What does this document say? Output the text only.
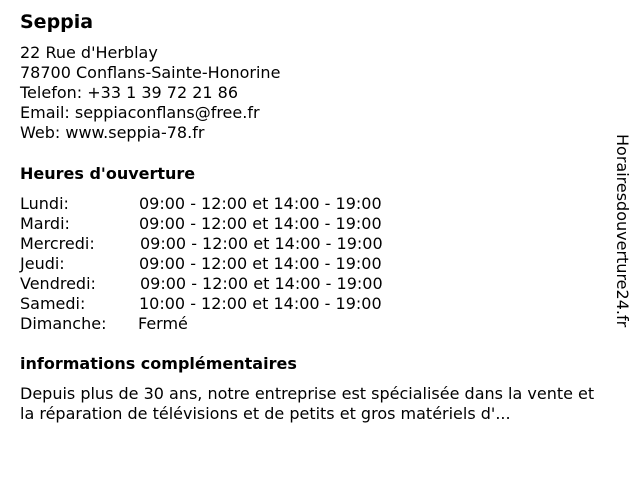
Seppia
22 Rue d'Herblay
78700 Conflans-Sainte-Honorine
Telefon: +33 1 39 72 21 86
Email: seppiaconflans@free.fr
Web: www.seppia-78.fr
Heures d'ouverture
Lundi:	09:00 - 12:00 et 14:00 - 19:00
Mardi:	09:00 - 12:00 et 14:00 - 19:00
Mercredi:	09:00 - 12:00 et 14:00 - 19:00
Jeudi:	09:00 - 12:00 et 14:00 - 19:00
Vendredi:	09:00 - 12:00 et 14:00 - 19:00
Samedi:	10:00 - 12:00 et 14:00 - 19:00
Dimanche: Fermé
informations complémentaires

Depuis plus de 30 ans, notre entreprise est spécialisée dans la vente et la réparation de télévisions et de petits et gros matériels d'...

Horairesdouverture24.fr
